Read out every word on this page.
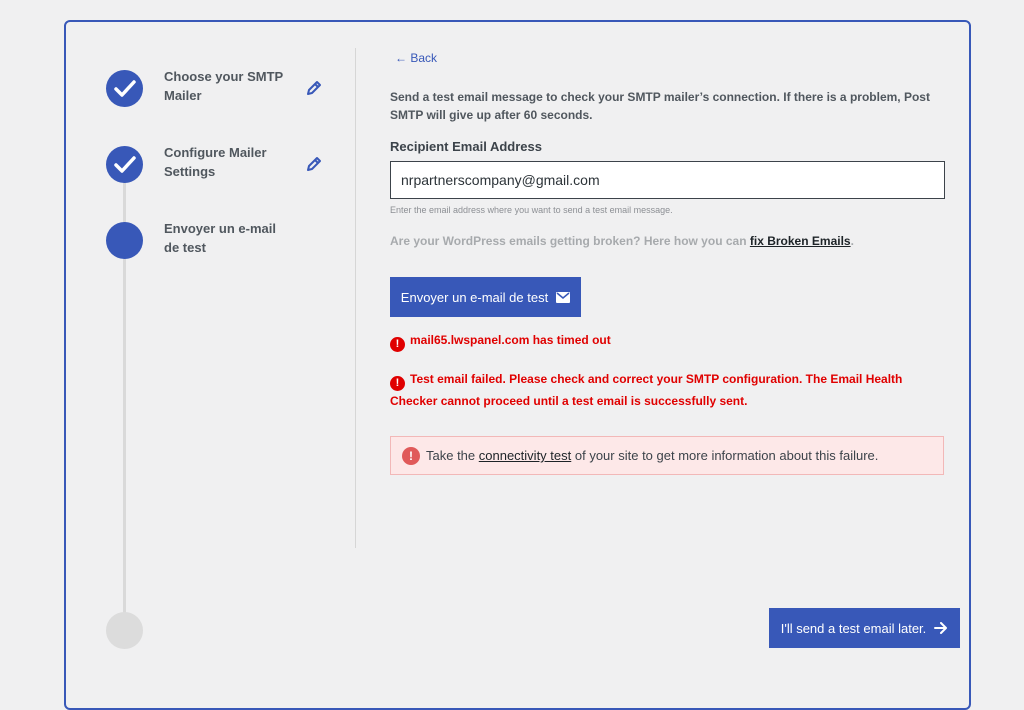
Choose your SMTP Mailer
Configure Mailer Settings
Envoyer un e-mail de test
← Back
Send a test email message to check your SMTP mailer’s connection. If there is a problem, Post SMTP will give up after 60 seconds.
Recipient Email Address
nrpartnerscompany@gmail.com
Enter the email address where you want to send a test email message.
Are your WordPress emails getting broken? Here how you can fix Broken Emails.
Envoyer un e-mail de test
! mail65.lwspanel.com has timed out
! Test email failed. Please check and correct your SMTP configuration. The Email Health Checker cannot proceed until a test email is successfully sent.
!	Take the connectivity test of your site to get more information about this failure.
I'll send a test email later.
